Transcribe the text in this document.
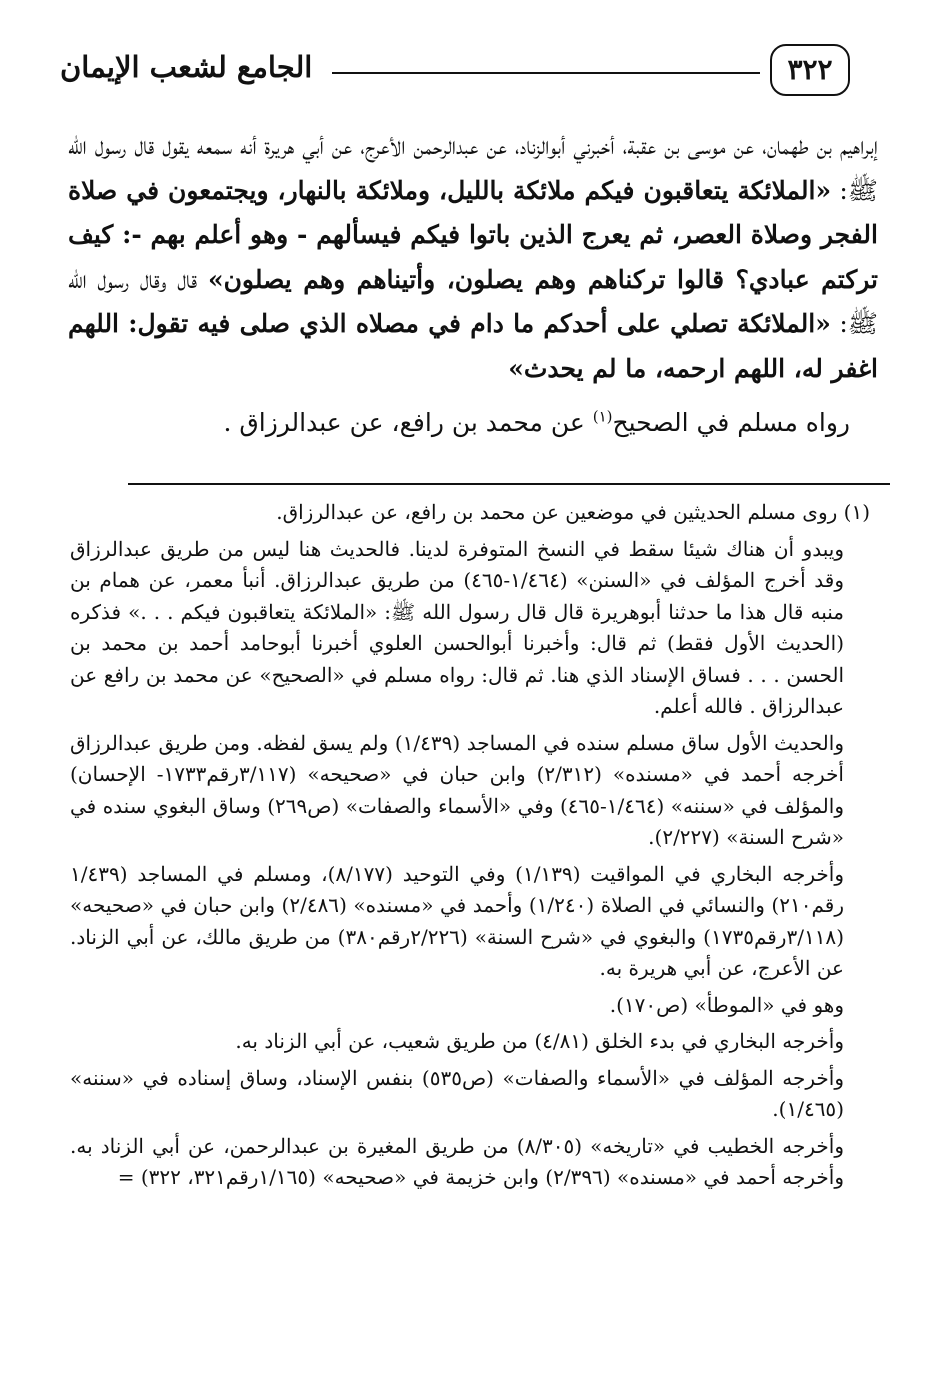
٣٢٢
الجامع لشعب الإيمان

إبراهيم بن طهمان، عن موسى بن عقبة، أخبرني أبوالزناد، عن عبدالرحمن الأعرج، عن أبي هريرة أنه سمعه يقول قال رسول الله ﷺ: «الملائكة يتعاقبون فيكم ملائكة بالليل، وملائكة بالنهار، ويجتمعون في صلاة الفجر وصلاة العصر، ثم يعرج الذين باتوا فيكم فيسألهم - وهو أعلم بهم -: كيف تركتم عبادي؟ قالوا تركناهم وهم يصلون، وأتيناهم وهم يصلون» قال وقال رسول الله ﷺ: «الملائكة تصلي على أحدكم ما دام في مصلاه الذي صلى فيه تقول: اللهم اغفر له، اللهم ارحمه، ما لم يحدث»

رواه مسلم في الصحيح$^{(١)}$ عن محمد بن رافع، عن عبدالرزاق .

(١) روى مسلم الحديثين في موضعين عن محمد بن رافع، عن عبدالرزاق.

ويبدو أن هناك شيئا سقط في النسخ المتوفرة لدينا. فالحديث هنا ليس من طريق عبدالرزاق وقد أخرج المؤلف في «السنن» (١/٤٦٤-٤٦٥) من طريق عبدالرزاق. أنبأ معمر، عن همام بن منبه قال هذا ما حدثنا أبوهريرة قال قال رسول الله ﷺ: «الملائكة يتعاقبون فيكم . . .» فذكره (الحديث الأول فقط) ثم قال: وأخبرنا أبوالحسن العلوي أخبرنا أبوحامد أحمد بن محمد بن الحسن . . . فساق الإسناد الذي هنا. ثم قال: رواه مسلم في «الصحيح» عن محمد بن رافع عن عبدالرزاق . فالله أعلم.

والحديث الأول ساق مسلم سنده في المساجد (١/٤٣٩) ولم يسق لفظه. ومن طريق عبدالرزاق أخرجه أحمد في «مسنده» (٢/٣١٢) وابن حبان في «صحيحه» (٣/١١٧رقم١٧٣٣- الإحسان) والمؤلف في «سننه» (١/٤٦٤-٤٦٥) وفي «الأسماء والصفات» (ص٢٦٩) وساق البغوي سنده في «شرح السنة» (٢/٢٢٧).

وأخرجه البخاري في المواقيت (١/١٣٩) وفي التوحيد (٨/١٧٧)، ومسلم في المساجد (١/٤٣٩ رقم٢١٠) والنسائي في الصلاة (١/٢٤٠) وأحمد في «مسنده» (٢/٤٨٦) وابن حبان في «صحيحه» (٣/١١٨رقم١٧٣٥) والبغوي في «شرح السنة» (٢/٢٢٦رقم٣٨٠) من طريق مالك، عن أبي الزناد. عن الأعرج، عن أبي هريرة به.

وهو في «الموطأ» (ص١٧٠).

وأخرجه البخاري في بدء الخلق (٤/٨١) من طريق شعيب، عن أبي الزناد به.

وأخرجه المؤلف في «الأسماء والصفات» (ص٥٣٥) بنفس الإسناد، وساق إسناده في «سننه» (١/٤٦٥).

وأخرجه الخطيب في «تاريخه» (٨/٣٠٥) من طريق المغيرة بن عبدالرحمن، عن أبي الزناد به. وأخرجه أحمد في «مسنده» (٢/٣٩٦) وابن خزيمة في «صحيحه» (١/١٦٥رقم٣٢١، ٣٢٢) =
